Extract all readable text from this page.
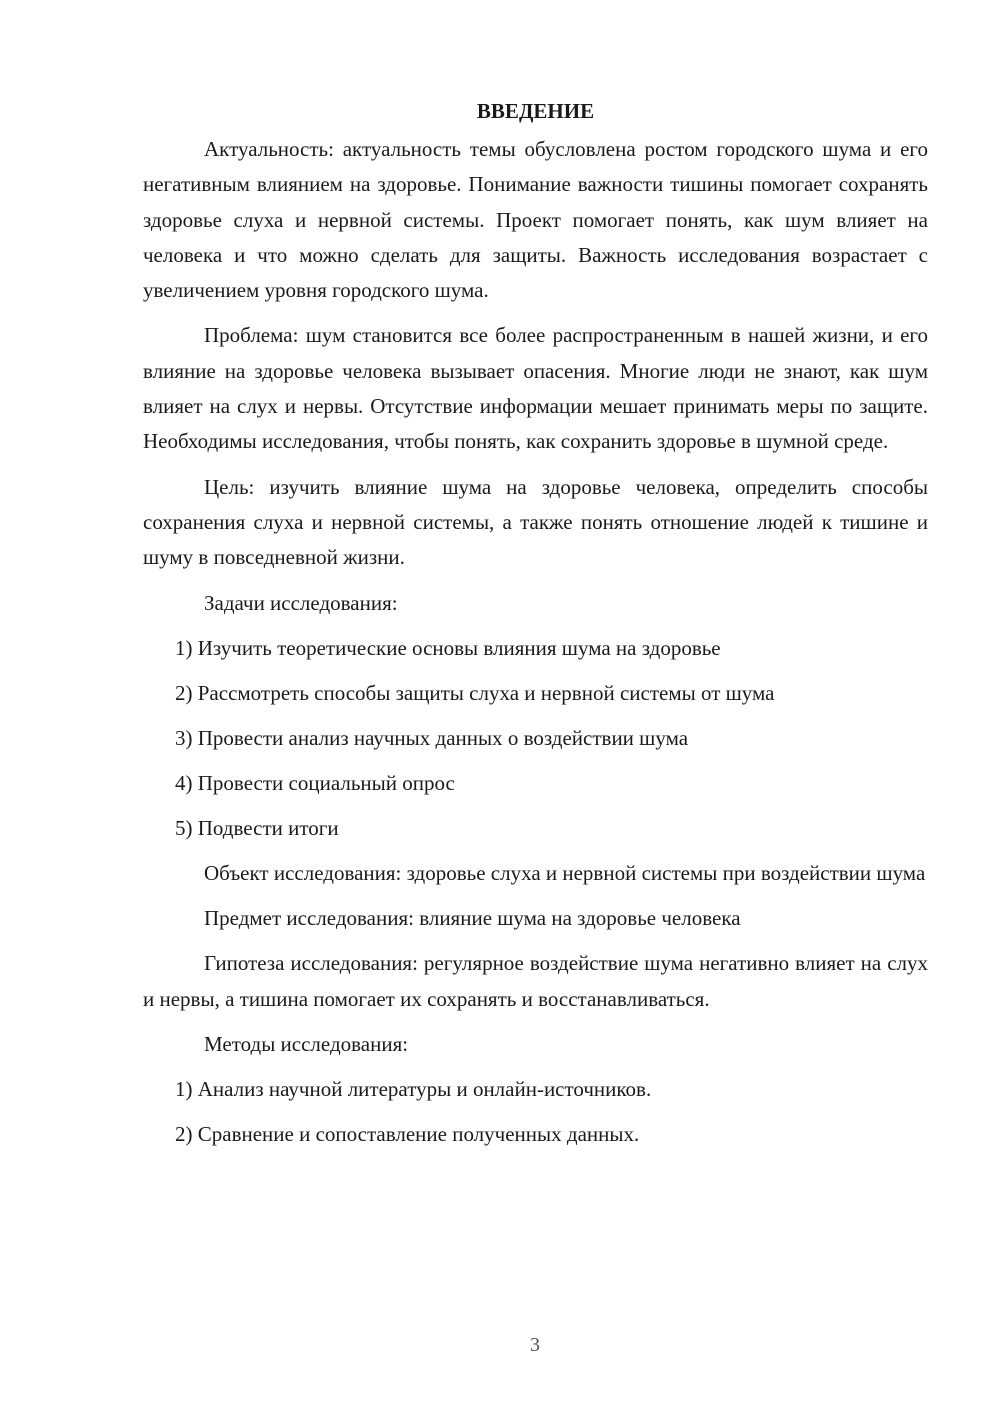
ВВЕДЕНИЕ

Актуальность: актуальность темы обусловлена ростом городского шума и его негативным влиянием на здоровье. Понимание важности тишины помогает сохранять здоровье слуха и нервной системы. Проект помогает понять, как шум влияет на человека и что можно сделать для защиты. Важность исследования возрастает с увеличением уровня городского шума.

Проблема: шум становится все более распространенным в нашей жизни, и его влияние на здоровье человека вызывает опасения. Многие люди не знают, как шум влияет на слух и нервы. Отсутствие информации мешает принимать меры по защите. Необходимы исследования, чтобы понять, как сохранить здоровье в шумной среде.

Цель: изучить влияние шума на здоровье человека, определить способы сохранения слуха и нервной системы, а также понять отношение людей к тишине и шуму в повседневной жизни.

Задачи исследования:

1) Изучить теоретические основы влияния шума на здоровье
2) Рассмотреть способы защиты слуха и нервной системы от шума
3) Провести анализ научных данных о воздействии шума
4) Провести социальный опрос
5) Подвести итоги

Объект исследования: здоровье слуха и нервной системы при воздействии шума

Предмет исследования: влияние шума на здоровье человека

Гипотеза исследования: регулярное воздействие шума негативно влияет на слух и нервы, а тишина помогает их сохранять и восстанавливаться.

Методы исследования:

1) Анализ научной литературы и онлайн-источников.
2) Сравнение и сопоставление полученных данных.
3
